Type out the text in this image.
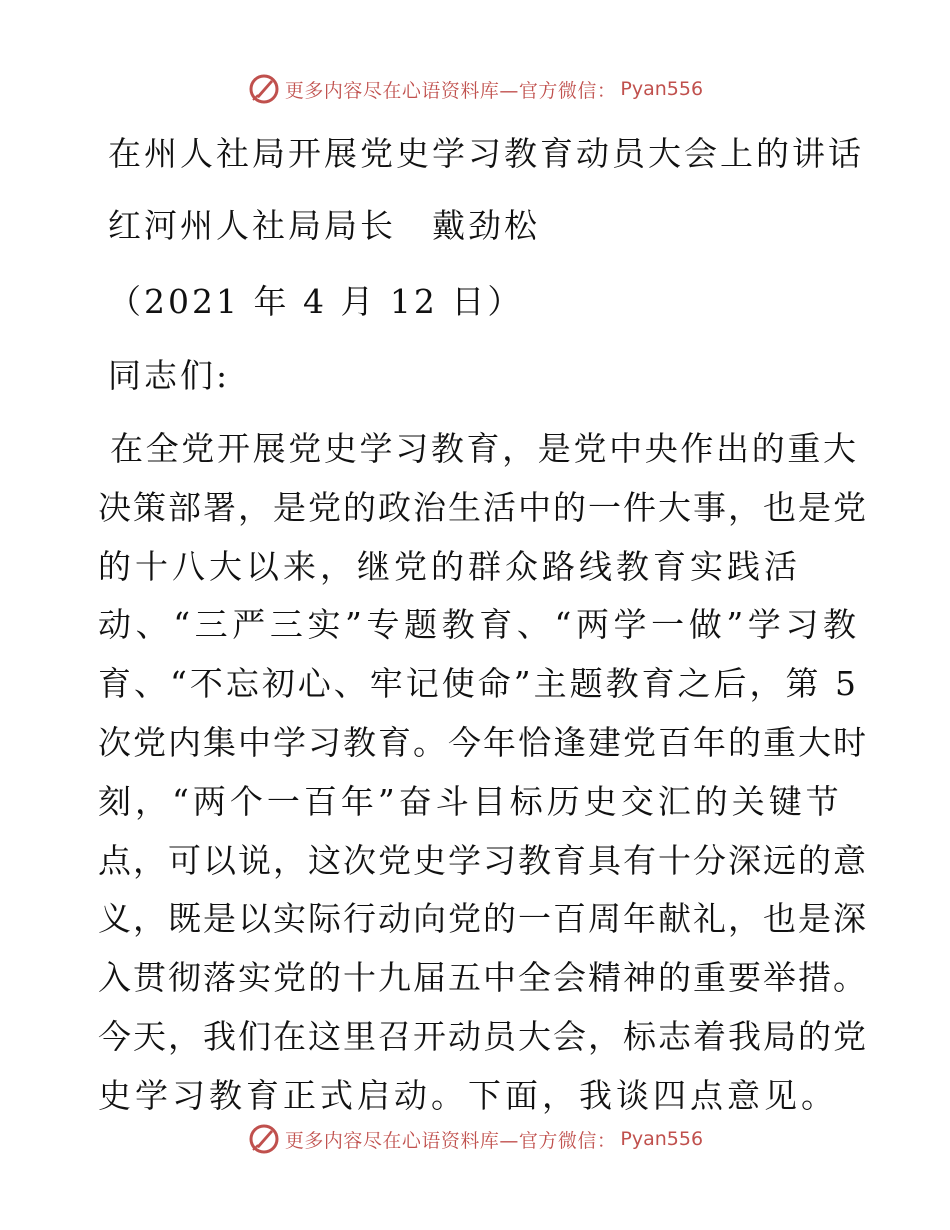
更多内容尽在心语资料库—官方微信： Pyan556
在州人社局开展党史学习教育动员大会上的讲话
红河州人社局局长　戴劲松
（2021 年 4 月 12 日）
同志们:
在全党开展党史学习教育，是党中央作出的重大
决策部署，是党的政治生活中的一件大事，也是党
的十八大以来，继党的群众路线教育实践活
动、“三严三实”专题教育、“两学一做”学习教
育、“不忘初心、牢记使命”主题教育之后，第 5
次党内集中学习教育。今年恰逢建党百年的重大时
刻，“两个一百年”奋斗目标历史交汇的关键节
点，可以说，这次党史学习教育具有十分深远的意
义，既是以实际行动向党的一百周年献礼，也是深
入贯彻落实党的十九届五中全会精神的重要举措。
今天，我们在这里召开动员大会，标志着我局的党
史学习教育正式启动。下面，我谈四点意见。
更多内容尽在心语资料库—官方微信： Pyan556
